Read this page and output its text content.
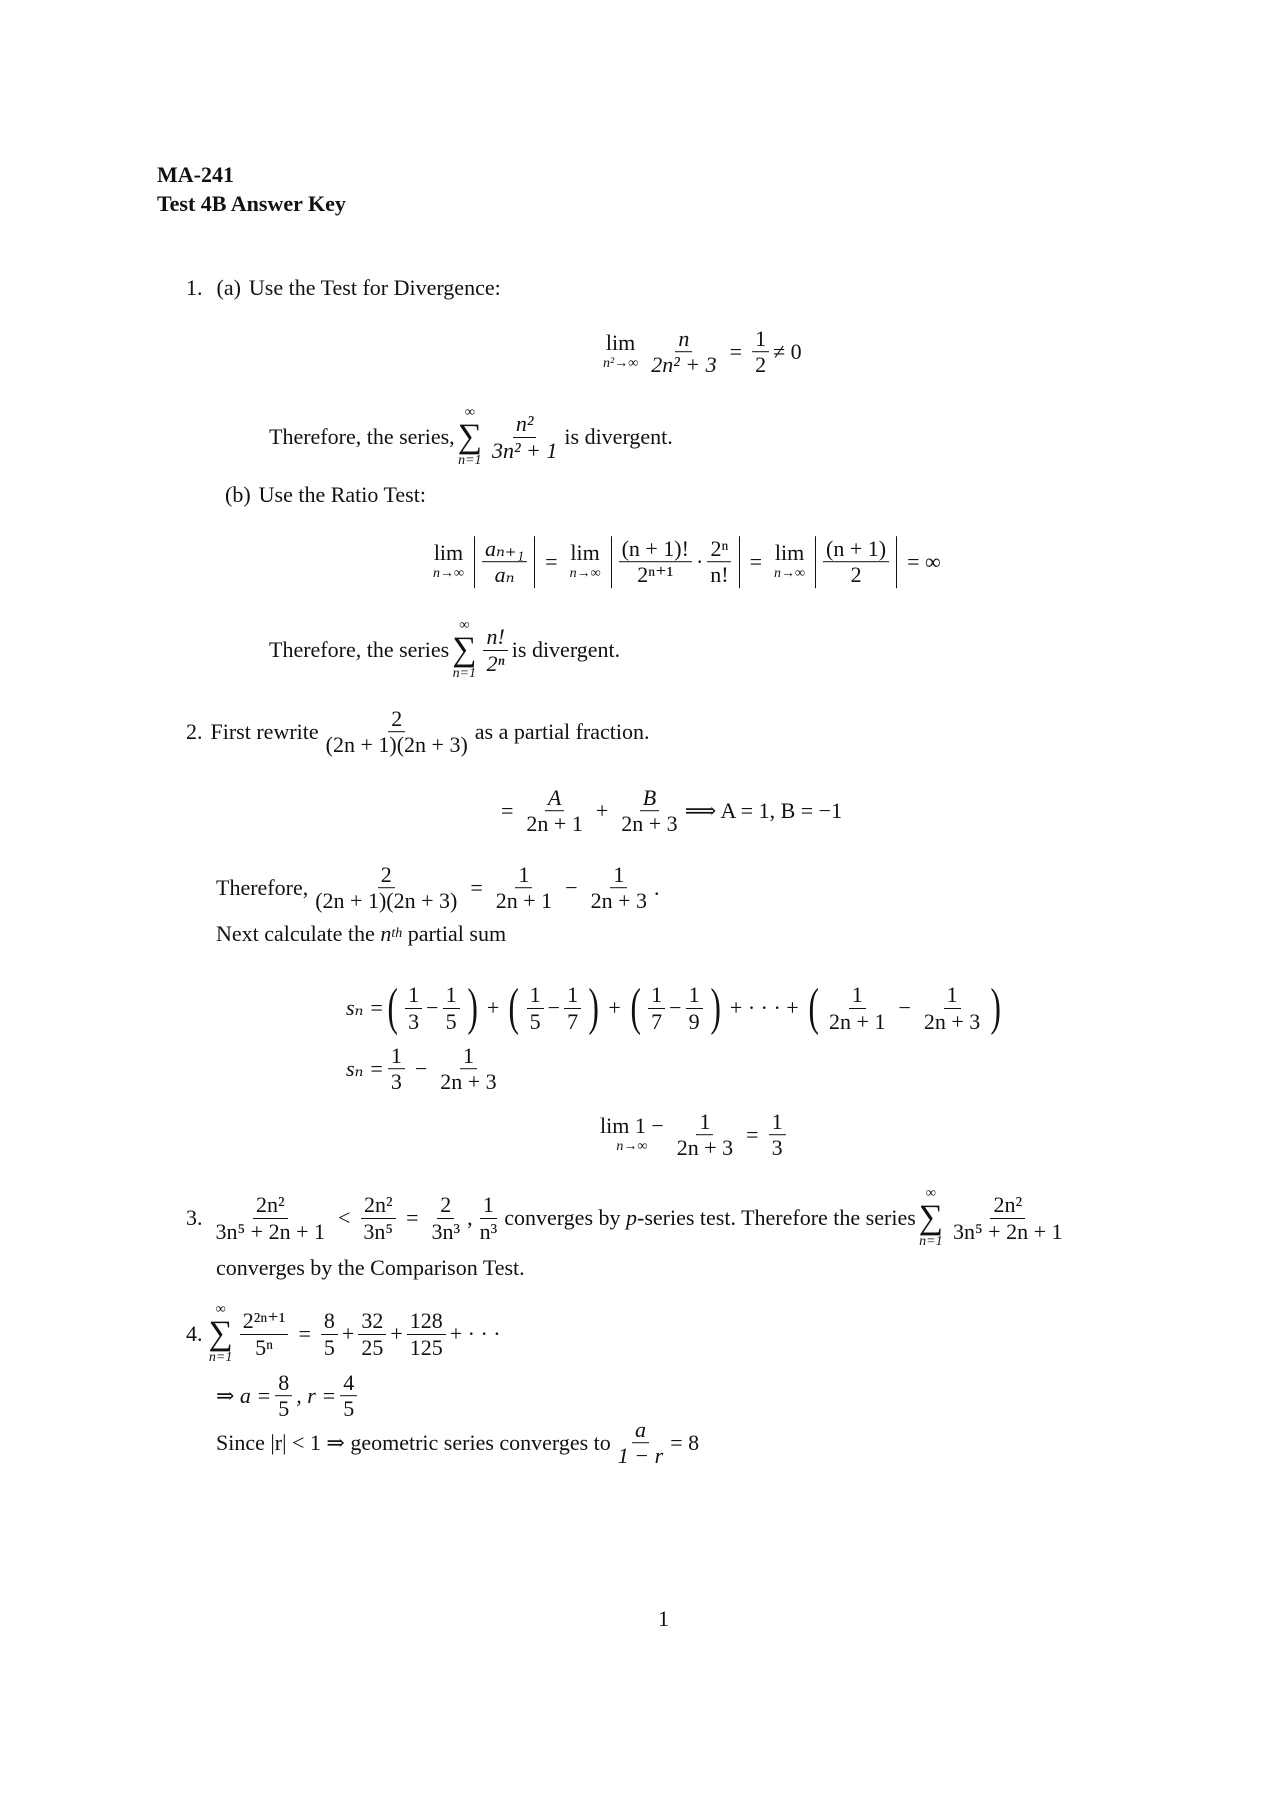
MA-241
Test 4B Answer Key
1. (a) Use the Test for Divergence:
lim
$n^2\to\infty \frac{n}{\text{2n² + 3}} = \frac{1}{2} \ne 0$
Therefore, the series,
∞
∑
$n=1 \frac{\text{n²}}{\text{3n² + 1}}$ is divergent.
(b) Use the Ratio Test:
lim
$n\to\infty \frac{\text{aₙ₊₁}}{\text{aₙ}} = \lim$
$n\to\infty \frac{(n + 1)!}{\text{2ⁿ⁺¹}} \cdot \frac{\text{2ⁿ}}{n!} = \lim$
$n\to\infty \frac{(n + 1)}{2}$ = ∞
Therefore, the series
∞
∑
$n=1 \frac{n!}{\text{2ⁿ}}$ is divergent.
2. First rewrite $\frac{2}{(2n + 1)(2n + 3)}$ as a partial fraction.
= $\frac{A}{2n + 1} + \frac{B}{2n + 3}$ ⟹ A = 1, B = −1
Therefore, $\frac{2}{(2n + 1)(2n + 3)} = \frac{1}{2n + 1} - \frac{1}{2n + 3}$ .
Next calculate the
n th
partial sum
sₙ = ( $\frac{1}{3} - \frac{1}{5}$ ) + ( $\frac{1}{5} - \frac{1}{7}$ ) + ( $\frac{1}{7} - \frac{1}{9}$ ) + · · · + ( $\frac{1}{2n + 1} - \frac{1}{2n + 3}$ )
$s_n = \frac{1}{3} - \frac{1}{2n + 3}$
lim 1 −
$n\to\infty \frac{1}{2n + 3} = \frac{1}{3}$
3. $\frac{\text{2n²}}{\text{3n⁵ + 2n + 1}} < \frac{\text{2n²}}{\text{3n⁵}} = \frac{2}{\text{3n³}}$ , $\frac{1}{\text{n³}}$ converges by
p -series test. Therefore the series
∞
∑
$n=1 \frac{\text{2n²}}{\text{3n⁵ + 2n + 1}}$
converges by the Comparison Test.
4.
∞
∑
$n=1 \frac{\text{2²ⁿ⁺¹}}{\text{5ⁿ}} = \frac{8}{5} + \frac{32}{25} + \frac{128}{125}$ + · · ·
⇒ $a = \frac{8}{5}$ , $r = \frac{4}{5}$
Since |r| < 1 ⇒ geometric series converges to $\frac{a}{1 - r} = 8$
1
